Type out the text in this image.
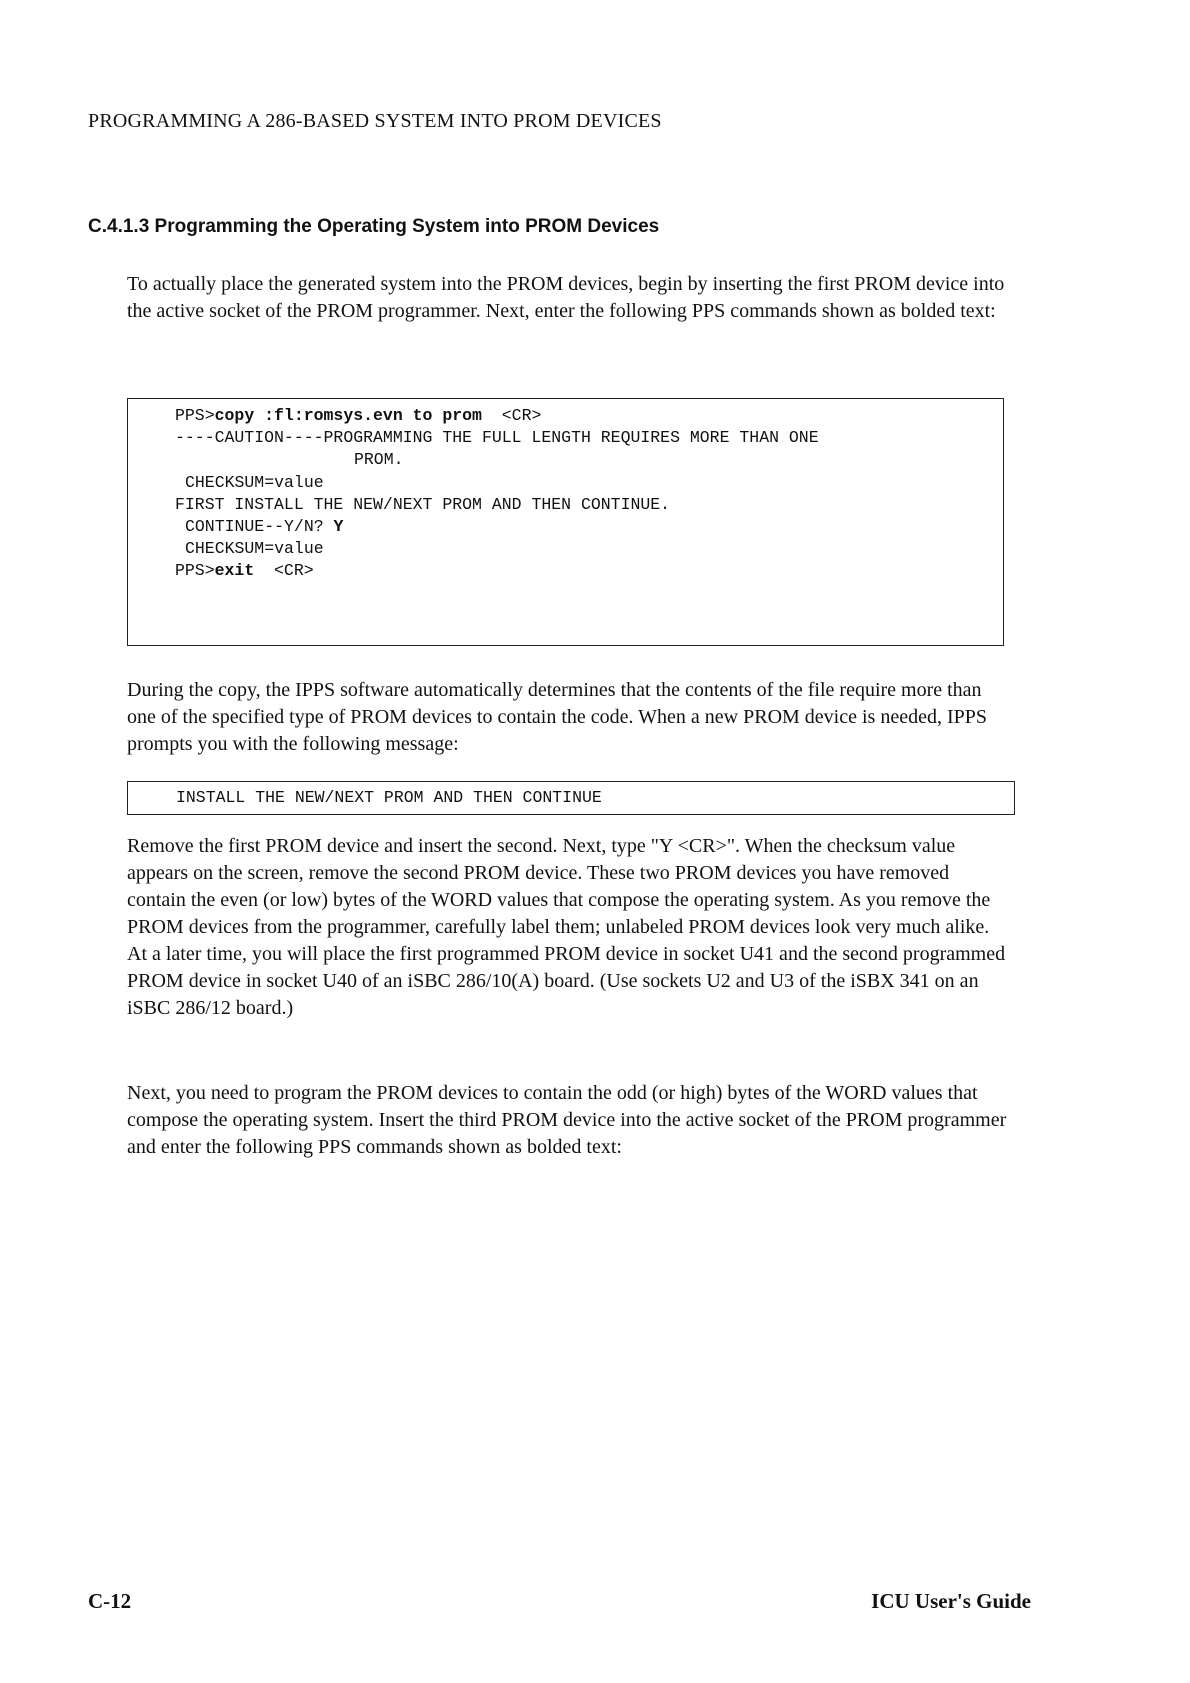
PROGRAMMING A 286-BASED SYSTEM INTO PROM DEVICES
C.4.1.3 Programming the Operating System into PROM Devices

To actually place the generated system into the PROM devices, begin by inserting the first PROM device into the active socket of the PROM programmer. Next, enter the following PPS commands shown as bolded text:

PPS>copy :fl:romsys.evn to prom <CR>
----CAUTION----PROGRAMMING THE FULL LENGTH REQUIRES MORE THAN ONE
PROM.
CHECKSUM=value
FIRST INSTALL THE NEW/NEXT PROM AND THEN CONTINUE.
CONTINUE--Y/N? Y
CHECKSUM=value
PPS>exit <CR>

During the copy, the IPPS software automatically determines that the contents of the file require more than one of the specified type of PROM devices to contain the code. When a new PROM device is needed, IPPS prompts you with the following message:

INSTALL THE NEW/NEXT PROM AND THEN CONTINUE

Remove the first PROM device and insert the second. Next, type "Y <CR>". When the checksum value appears on the screen, remove the second PROM device. These two PROM devices you have removed contain the even (or low) bytes of the WORD values that compose the operating system. As you remove the PROM devices from the programmer, carefully label them; unlabeled PROM devices look very much alike. At a later time, you will place the first programmed PROM device in socket U41 and the second programmed PROM device in socket U40 of an iSBC 286/10(A) board. (Use sockets U2 and U3 of the iSBX 341 on an iSBC 286/12 board.)

Next, you need to program the PROM devices to contain the odd (or high) bytes of the WORD values that compose the operating system. Insert the third PROM device into the active socket of the PROM programmer and enter the following PPS commands shown as bolded text:

C-12	ICU User's Guide
